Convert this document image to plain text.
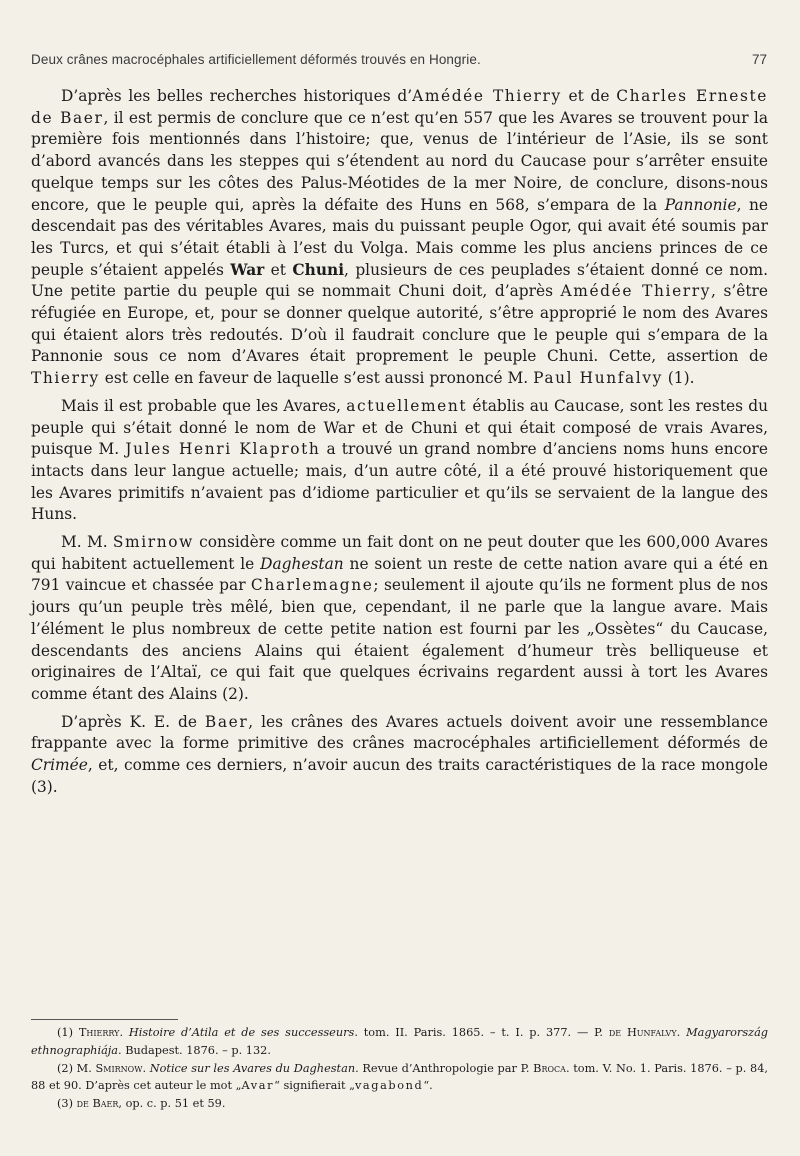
Deux crânes macrocéphales artificiellement déformés trouvés en Hongrie.	77

D’après les belles recherches historiques d’Amédée Thierry et de Charles Erneste de Baer, il est permis de conclure que ce n’est qu’en 557 que les Avares se trouvent pour la première fois mentionnés dans l’histoire; que, venus de l’intérieur de l’Asie, ils se sont d’abord avancés dans les steppes qui s’étendent au nord du Caucase pour s’arrêter ensuite quelque temps sur les côtes des Palus-Méotides de la mer Noire, de conclure, disons-nous encore, que le peuple qui, après la défaite des Huns en 568, s’empara de la Pannonie, ne descendait pas des véritables Avares, mais du puissant peuple Ogor, qui avait été soumis par les Turcs, et qui s’était établi à l’est du Volga. Mais comme les plus anciens princes de ce peuple s’étaient appelés War et Chuni, plusieurs de ces peuplades s’étaient donné ce nom. Une petite partie du peuple qui se nommait Chuni doit, d’après Amédée Thierry, s’être réfugiée en Europe, et, pour se donner quelque autorité, s’être approprié le nom des Avares qui étaient alors très redoutés. D’où il faudrait conclure que le peuple qui s’empara de la Pannonie sous ce nom d’Avares était proprement le peuple Chuni. Cette, assertion de Thierry est celle en faveur de laquelle s’est aussi prononcé M. Paul Hunfalvy (1).

Mais il est probable que les Avares, actuellement établis au Caucase, sont les restes du peuple qui s’était donné le nom de War et de Chuni et qui était composé de vrais Avares, puisque M. Jules Henri Klaproth a trouvé un grand nombre d’anciens noms huns encore intacts dans leur langue actuelle; mais, d’un autre côté, il a été prouvé historiquement que les Avares primitifs n’avaient pas d’idiome particulier et qu’ils se servaient de la langue des Huns.

M. M. Smirnow considère comme un fait dont on ne peut douter que les 600,000 Avares qui habitent actuellement le Daghestan ne soient un reste de cette nation avare qui a été en 791 vaincue et chassée par Charlemagne; seulement il ajoute qu’ils ne forment plus de nos jours qu’un peuple très mêlé, bien que, cependant, il ne parle que la langue avare. Mais l’élément le plus nombreux de cette petite nation est fourni par les „Ossètes“ du Caucase, descendants des anciens Alains qui étaient également d’humeur très belliqueuse et originaires de l’Altaï, ce qui fait que quelques écrivains regardent aussi à tort les Avares comme étant des Alains (2).

D’après K. E. de Baer, les crânes des Avares actuels doivent avoir une ressemblance frappante avec la forme primitive des crânes macrocéphales artificiellement déformés de Crimée, et, comme ces derniers, n’avoir aucun des traits caractéristiques de la race mongole (3).

(1) Thierry. Histoire d’Atila et de ses successeurs. tom. II. Paris. 1865. – t. I. p. 377. — P. de Hunfalvy. Magyarország ethnographiája. Budapest. 1876. – p. 132.

(2) M. Smirnow. Notice sur les Avares du Daghestan. Revue d’Anthropologie par P. Broca. tom. V. No. 1. Paris. 1876. – p. 84, 88 et 90. D’après cet auteur le mot „Avar“ signifierait „vagabond“.

(3) de Baer, op. c. p. 51 et 59.
